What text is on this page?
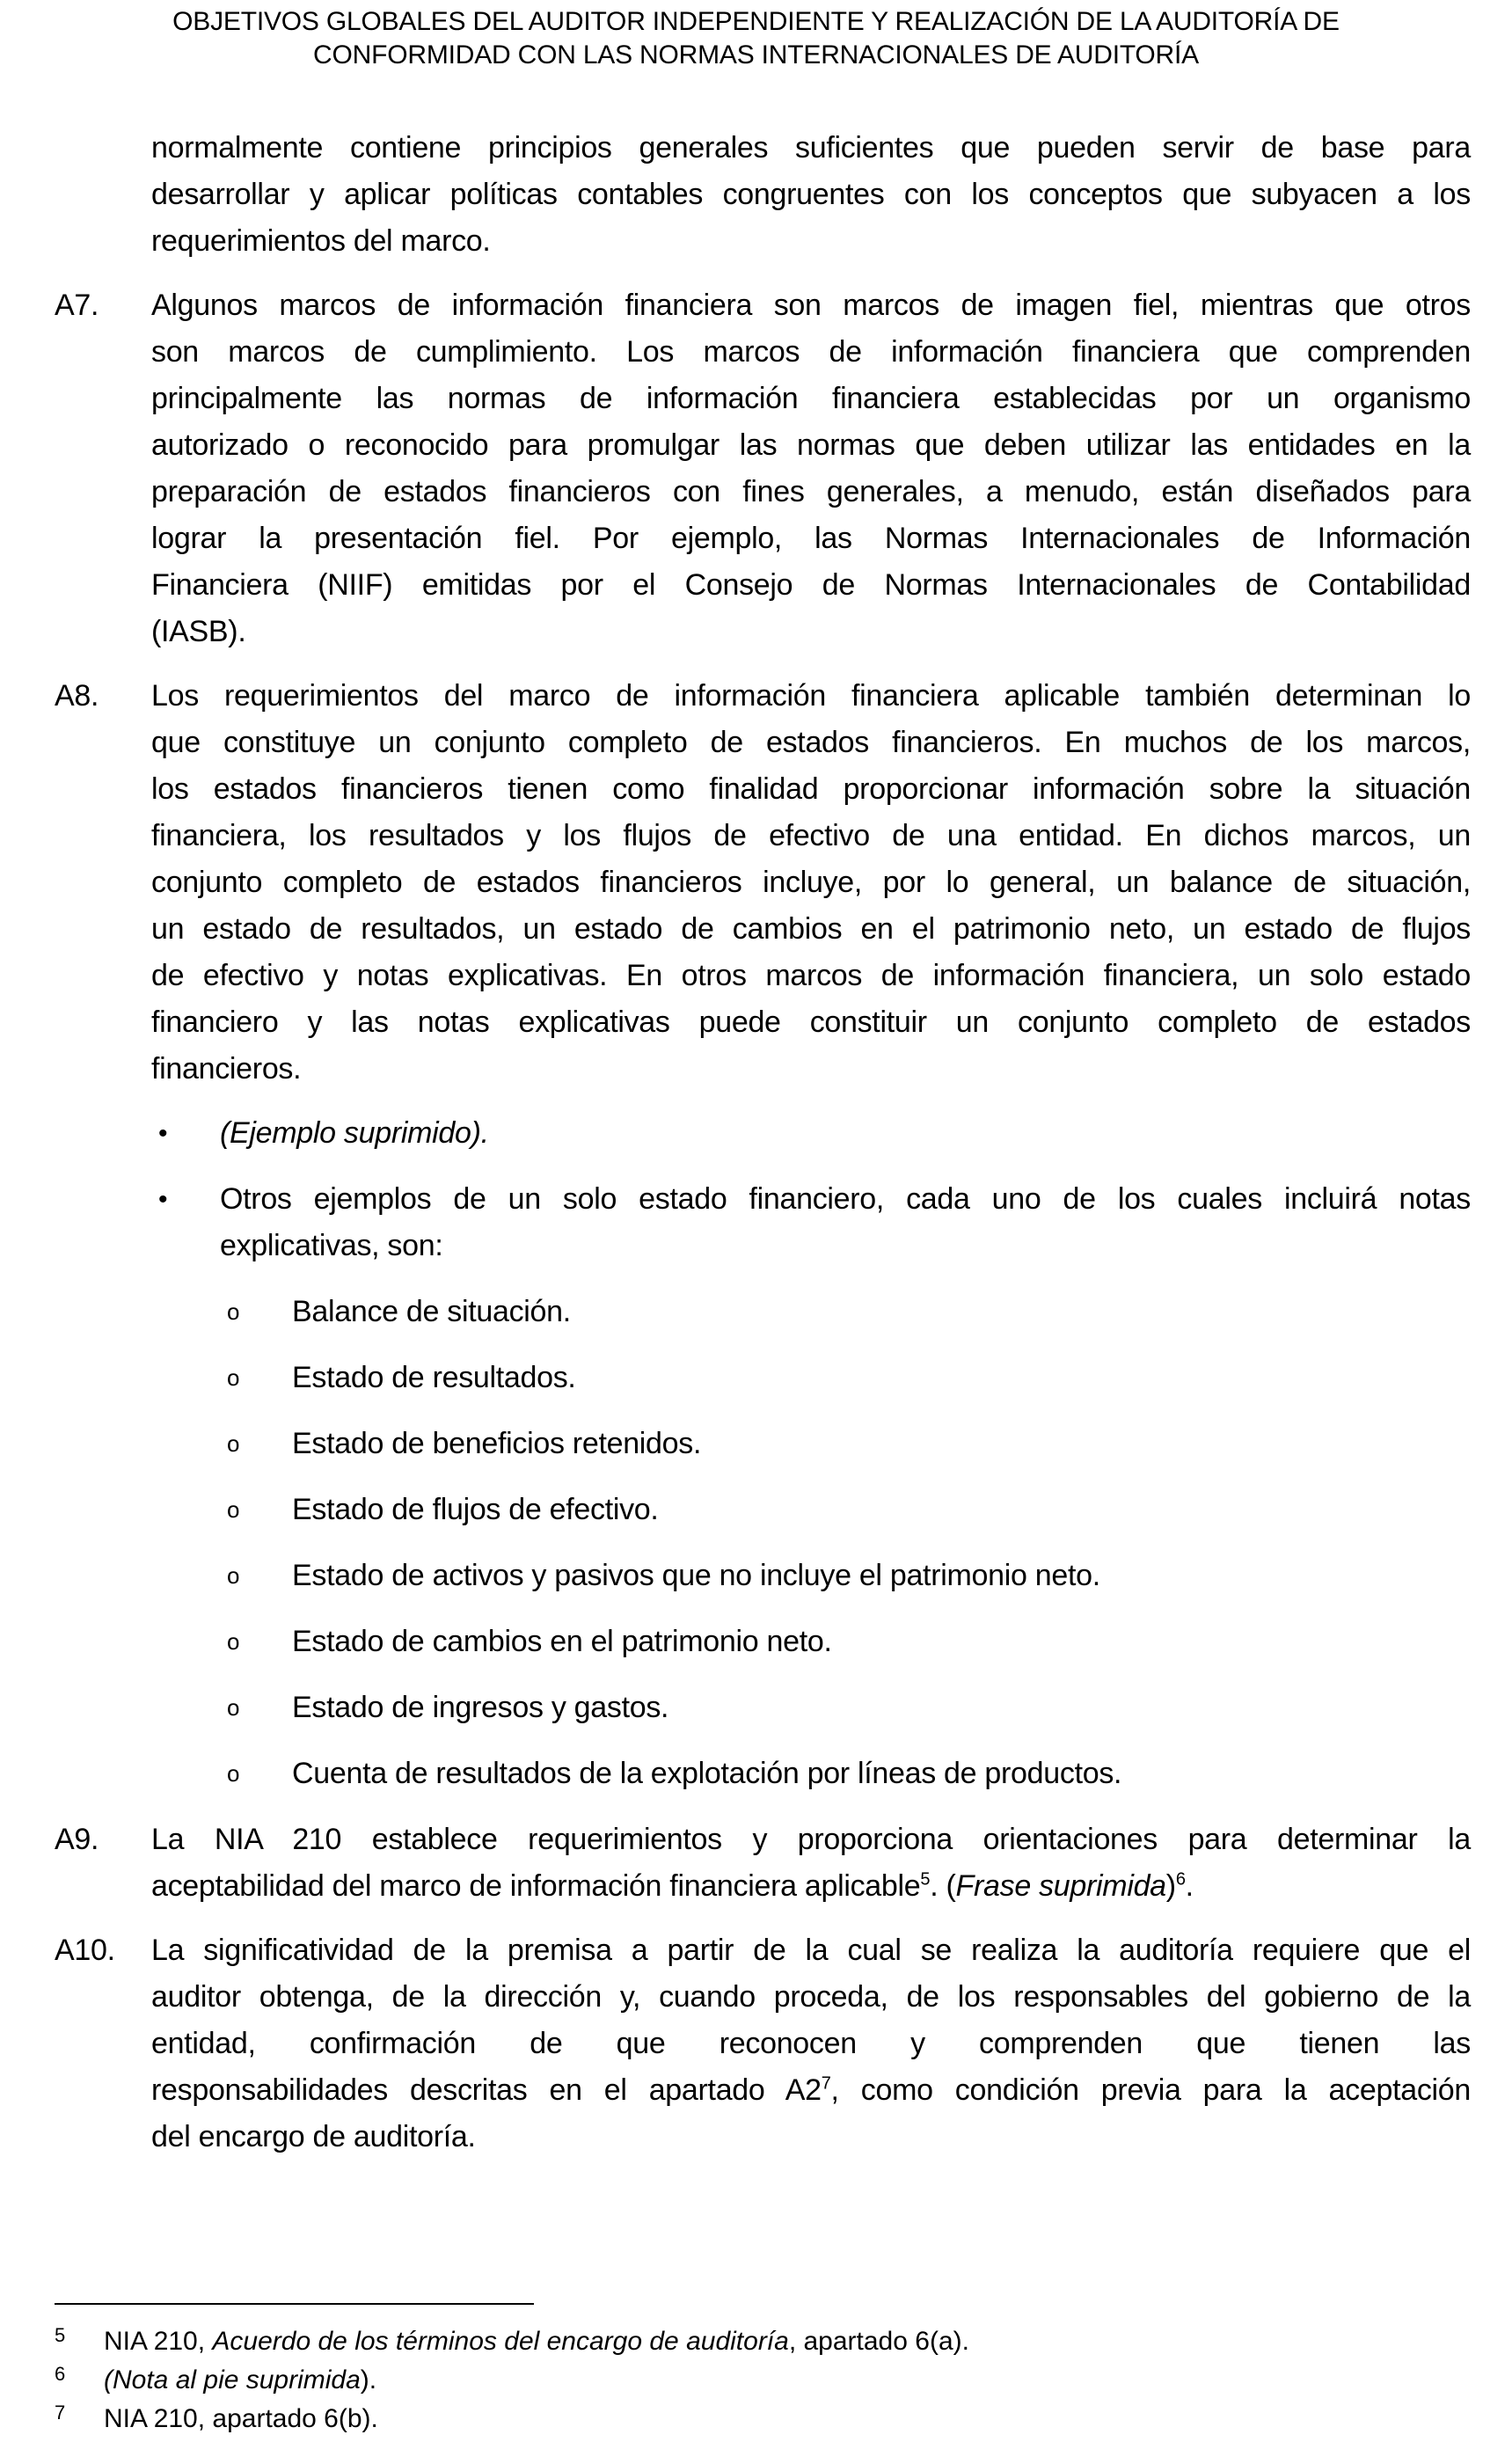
OBJETIVOS GLOBALES DEL AUDITOR INDEPENDIENTE Y REALIZACIÓN DE LA AUDITORÍA DE
CONFORMIDAD CON LAS NORMAS INTERNACIONALES DE AUDITORÍA
normalmente contiene principios generales suficientes que pueden servir de base para
desarrollar y aplicar políticas contables congruentes con los conceptos que subyacen a los
requerimientos del marco.
A7.	Algunos marcos de información financiera son marcos de imagen fiel, mientras que otros
son marcos de cumplimiento. Los marcos de información financiera que comprenden
principalmente las normas de información financiera establecidas por un organismo
autorizado o reconocido para promulgar las normas que deben utilizar las entidades en la
preparación de estados financieros con fines generales, a menudo, están diseñados para
lograr la presentación fiel. Por ejemplo, las Normas Internacionales de Información
Financiera (NIIF) emitidas por el Consejo de Normas Internacionales de Contabilidad
(IASB).
A8.	Los requerimientos del marco de información financiera aplicable también determinan lo
que constituye un conjunto completo de estados financieros. En muchos de los marcos,
los estados financieros tienen como finalidad proporcionar información sobre la situación
financiera, los resultados y los flujos de efectivo de una entidad. En dichos marcos, un
conjunto completo de estados financieros incluye, por lo general, un balance de situación,
un estado de resultados, un estado de cambios en el patrimonio neto, un estado de flujos
de efectivo y notas explicativas. En otros marcos de información financiera, un solo estado
financiero y las notas explicativas puede constituir un conjunto completo de estados
financieros.
•	(Ejemplo suprimido).
•	Otros ejemplos de un solo estado financiero, cada uno de los cuales incluirá notas
explicativas, son:
o	Balance de situación.
o	Estado de resultados.
o	Estado de beneficios retenidos.
o	Estado de flujos de efectivo.
o	Estado de activos y pasivos que no incluye el patrimonio neto.
o	Estado de cambios en el patrimonio neto.
o	Estado de ingresos y gastos.
o	Cuenta de resultados de la explotación por líneas de productos.
A9.	La NIA 210 establece requerimientos y proporciona orientaciones para determinar la
aceptabilidad del marco de información financiera aplicable$^5$. (Frase suprimida)$^6$.
A10.	La significatividad de la premisa a partir de la cual se realiza la auditoría requiere que el
auditor obtenga, de la dirección y, cuando proceda, de los responsables del gobierno de la
entidad, confirmación de que reconocen y comprenden que tienen las
responsabilidades descritas en el apartado $A2^7$, como condición previa para la aceptación
del encargo de auditoría.
5	NIA 210, Acuerdo de los términos del encargo de auditoría, apartado 6(a).
6	(Nota al pie suprimida).
7	NIA 210, apartado 6(b).
